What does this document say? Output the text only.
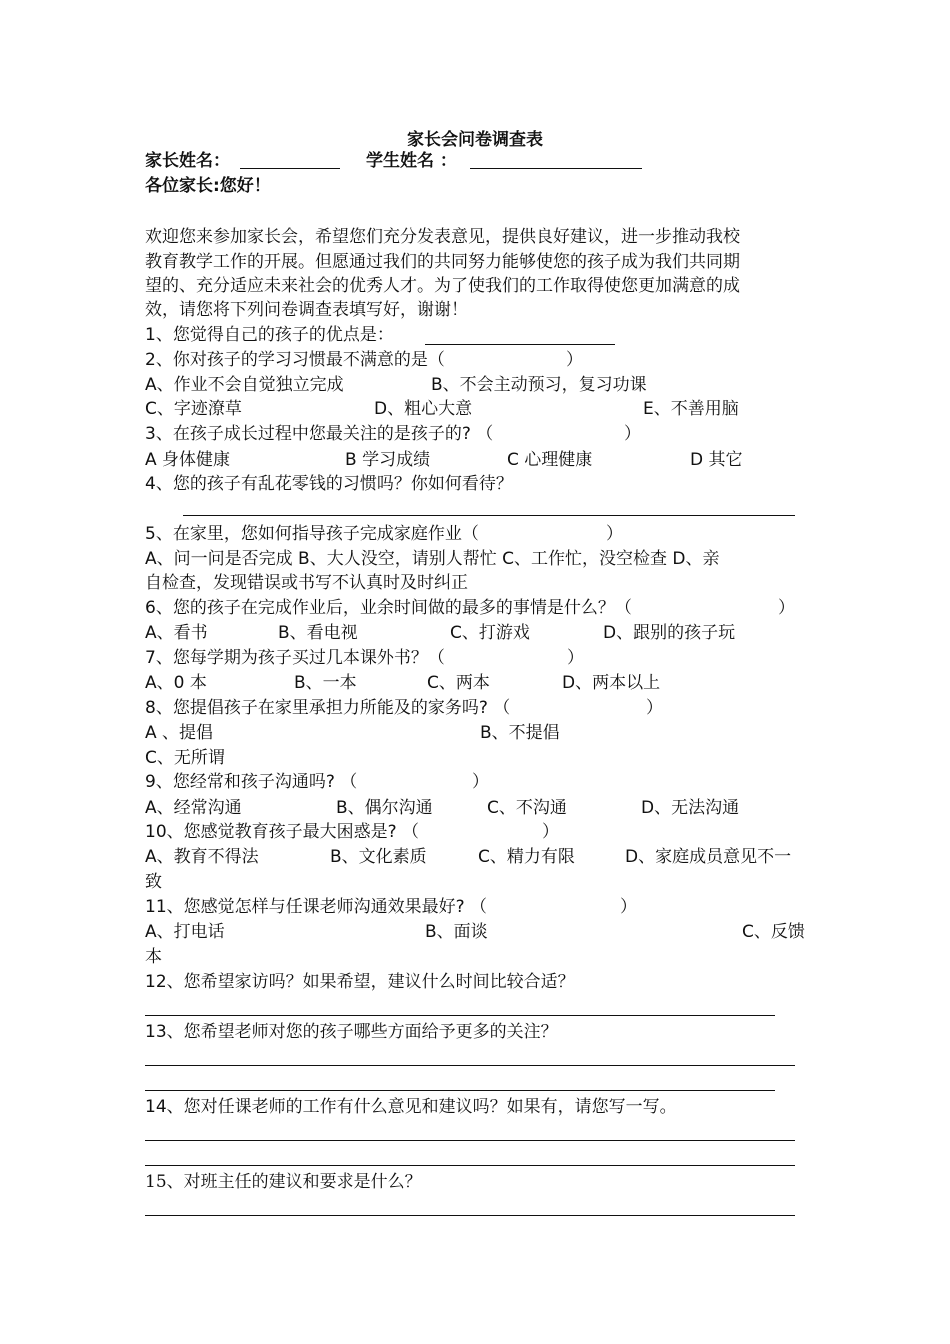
家长会问卷调查表
家长姓名：	学生姓名 ：
各位家长:您好！
欢迎您来参加家长会，希望您们充分发表意见，提供良好建议，进一步推动我校
教育教学工作的开展。但愿通过我们的共同努力能够使您的孩子成为我们共同期
望的、充分适应未来社会的优秀人才。为了使我们的工作取得使您更加满意的成
效，请您将下列问卷调查表填写好，谢谢！
1、您觉得自己的孩子的优点是：
2、你对孩子的学习习惯最不满意的是（	）
A、作业不会自觉独立完成	B、不会主动预习，复习功课
C、字迹潦草	D、粗心大意	E、不善用脑
3、在孩子成长过程中您最关注的是孩子的? （	）
A 身体健康	B 学习成绩	C 心理健康	D 其它
4、您的孩子有乱花零钱的习惯吗？你如何看待？
5、在家里，您如何指导孩子完成家庭作业（	）
A、问一问是否完成 B、大人没空，请别人帮忙 C、工作忙，没空检查 D、亲
自检查，发现错误或书写不认真时及时纠正
6、您的孩子在完成作业后，业余时间做的最多的事情是什么？（	）
A、看书	B、看电视	C、打游戏	D、跟别的孩子玩
7、您每学期为孩子买过几本课外书？（	）
A、0 本	B、一本	C、两本	D、两本以上
8、您提倡孩子在家里承担力所能及的家务吗? （	）
A 、提倡	B、不提倡
C、无所谓
9、您经常和孩子沟通吗? （	）
A、经常沟通	B、偶尔沟通	C、不沟通	D、无法沟通
10、您感觉教育孩子最大困惑是? （	）
A、教育不得法	B、文化素质	C、精力有限	D、家庭成员意见不一
致
11、您感觉怎样与任课老师沟通效果最好? （	）
A、打电话	B、面谈	C、反馈
本
12、您希望家访吗？如果希望，建议什么时间比较合适？
13、您希望老师对您的孩子哪些方面给予更多的关注？
14、您对任课老师的工作有什么意见和建议吗？如果有，请您写一写。
15、对班主任的建议和要求是什么？
